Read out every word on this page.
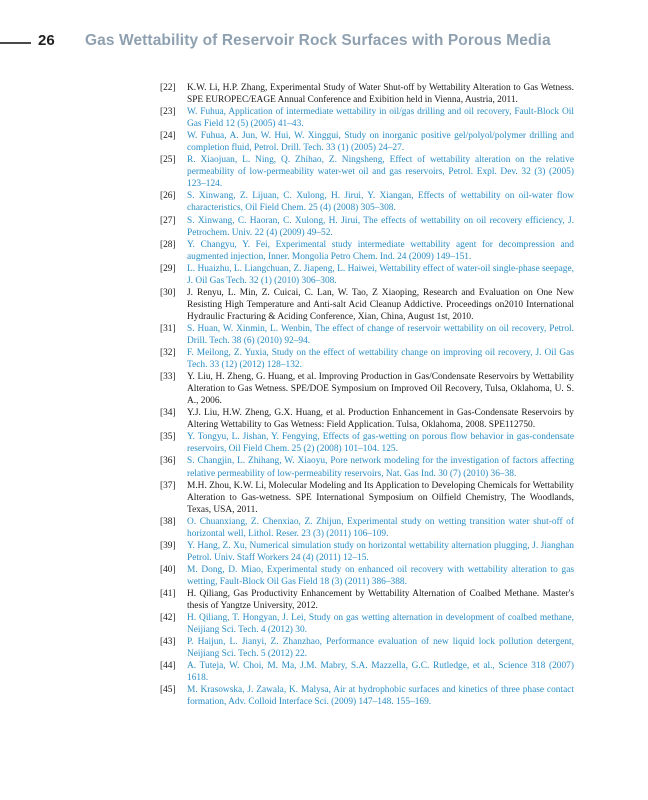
26 Gas Wettability of Reservoir Rock Surfaces with Porous Media
[22] K.W. Li, H.P. Zhang, Experimental Study of Water Shut-off by Wettability Alteration to Gas Wetness. SPE EUROPEC/EAGE Annual Conference and Exibition held in Vienna, Austria, 2011.
[23] W. Fuhua, Application of intermediate wettability in oil/gas drilling and oil recovery, Fault-Block Oil Gas Field 12 (5) (2005) 41–43.
[24] W. Fuhua, A. Jun, W. Hui, W. Xinggui, Study on inorganic positive gel/polyol/polymer drilling and completion fluid, Petrol. Drill. Tech. 33 (1) (2005) 24–27.
[25] R. Xiaojuan, L. Ning, Q. Zhihao, Z. Ningsheng, Effect of wettability alteration on the relative permeability of low-permeability water-wet oil and gas reservoirs, Petrol. Expl. Dev. 32 (3) (2005) 123–124.
[26] S. Xinwang, Z. Lijuan, C. Xulong, H. Jirui, Y. Xiangan, Effects of wettability on oil-water flow characteristics, Oil Field Chem. 25 (4) (2008) 305–308.
[27] S. Xinwang, C. Haoran, C. Xulong, H. Jirui, The effects of wettability on oil recovery efficiency, J. Petrochem. Univ. 22 (4) (2009) 49–52.
[28] Y. Changyu, Y. Fei, Experimental study intermediate wettability agent for decompression and augmented injection, Inner. Mongolia Petro Chem. Ind. 24 (2009) 149–151.
[29] L. Huaizhu, L. Liangchuan, Z. Jiapeng, L. Haiwei, Wettability effect of water-oil single-phase seepage, J. Oil Gas Tech. 32 (1) (2010) 306–308.
[30] J. Renyu, L. Min, Z. Cuicai, C. Lan, W. Tao, Z Xiaoping, Research and Evaluation on One New Resisting High Temperature and Anti-salt Acid Cleanup Addictive. Proceedings on2010 International Hydraulic Fracturing & Aciding Conference, Xian, China, August 1st, 2010.
[31] S. Huan, W. Xinmin, L. Wenbin, The effect of change of reservoir wettability on oil recovery, Petrol. Drill. Tech. 38 (6) (2010) 92–94.
[32] F. Meilong, Z. Yuxia, Study on the effect of wettability change on improving oil recovery, J. Oil Gas Tech. 33 (12) (2012) 128–132.
[33] Y. Liu, H. Zheng, G. Huang, et al. Improving Production in Gas/Condensate Reservoirs by Wettability Alteration to Gas Wetness. SPE/DOE Symposium on Improved Oil Recovery, Tulsa, Oklahoma, U. S. A., 2006.
[34] Y.J. Liu, H.W. Zheng, G.X. Huang, et al. Production Enhancement in Gas-Condensate Reservoirs by Altering Wettability to Gas Wetness: Field Application. Tulsa, Oklahoma, 2008. SPE112750.
[35] Y. Tongyu, L. Jishan, Y. Fengying, Effects of gas-wetting on porous flow behavior in gas-condensate reservoirs, Oil Field Chem. 25 (2) (2008) 101–104. 125.
[36] S. Changjin, L. Zhihang, W. Xiaoyu, Pore network modeling for the investigation of factors affecting relative permeability of low-permeability reservoirs, Nat. Gas Ind. 30 (7) (2010) 36–38.
[37] M.H. Zhou, K.W. Li, Molecular Modeling and Its Application to Developing Chemicals for Wettability Alteration to Gas-wetness. SPE International Symposium on Oilfield Chemistry, The Woodlands, Texas, USA, 2011.
[38] O. Chuanxiang, Z. Chenxiao, Z. Zhijun, Experimental study on wetting transition water shut-off of horizontal well, Lithol. Reser. 23 (3) (2011) 106–109.
[39] Y. Hang, Z. Xu, Numerical simulation study on horizontal wettability alternation plugging, J. Jianghan Petrol. Univ. Staff Workers 24 (4) (2011) 12–15.
[40] M. Dong, D. Miao, Experimental study on enhanced oil recovery with wettability alteration to gas wetting, Fault-Block Oil Gas Field 18 (3) (2011) 386–388.
[41] H. Qiliang, Gas Productivity Enhancement by Wettability Alternation of Coalbed Methane. Master's thesis of Yangtze University, 2012.
[42] H. Qiliang, T. Hongyan, J. Lei, Study on gas wetting alternation in development of coalbed methane, Neijiang Sci. Tech. 4 (2012) 30.
[43] P. Haijun, L. Jianyi, Z. Zhanzhao, Performance evaluation of new liquid lock pollution detergent, Neijiang Sci. Tech. 5 (2012) 22.
[44] A. Tuteja, W. Choi, M. Ma, J.M. Mabry, S.A. Mazzella, G.C. Rutledge, et al., Science 318 (2007) 1618.
[45] M. Krasowska, J. Zawala, K. Malysa, Air at hydrophobic surfaces and kinetics of three phase contact formation, Adv. Colloid Interface Sci. (2009) 147–148. 155–169.
